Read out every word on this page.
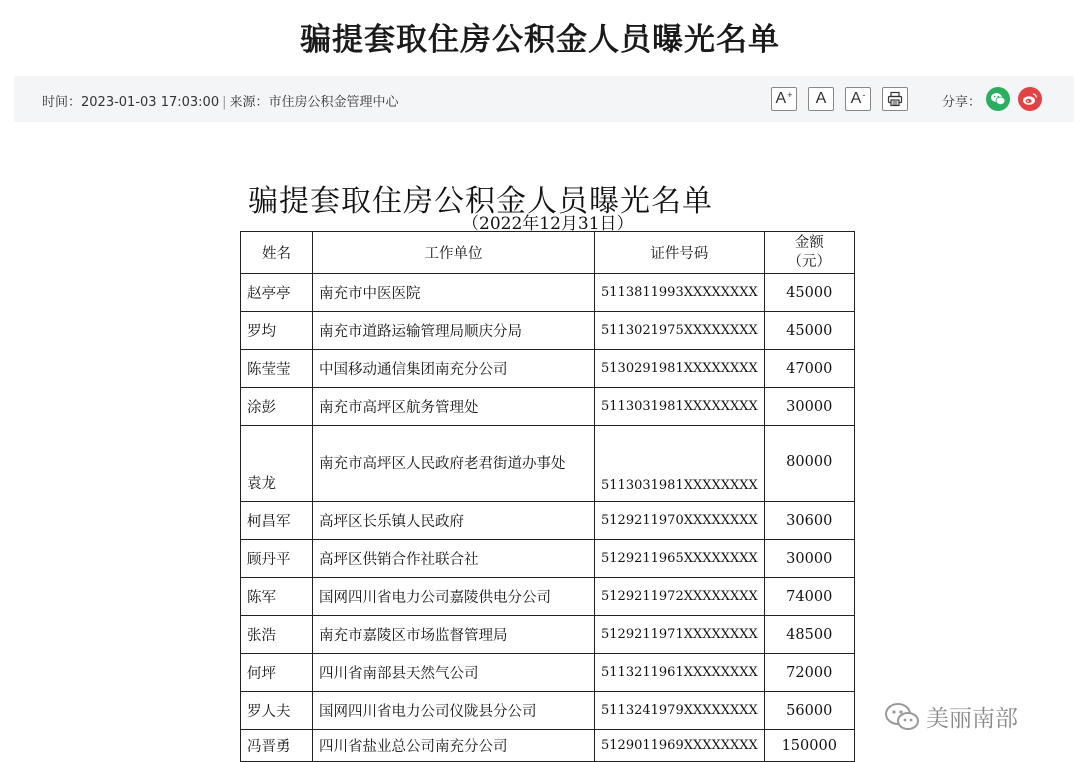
骗提套取住房公积金人员曝光名单
时间：2023-01-03 17:03:00 | 来源：市住房公积金管理中心	A+ A A-	分享：
骗提套取住房公积金人员曝光名单
（2022年12月31日）
姓名	工作单位	证件号码	金额
（元）
赵亭亭	南充市中医医院	5113811993XXXXXXXX	45000
罗均	南充市道路运输管理局顺庆分局	5113021975XXXXXXXX	45000
陈莹莹	中国移动通信集团南充分公司	5130291981XXXXXXXX	47000
涂彭	南充市高坪区航务管理处	5113031981XXXXXXXX	30000
袁龙	南充市高坪区人民政府老君街道办事处	5113031981XXXXXXXX	80000
柯昌军	高坪区长乐镇人民政府	5129211970XXXXXXXX	30600
顾丹平	高坪区供销合作社联合社	5129211965XXXXXXXX	30000
陈军	国网四川省电力公司嘉陵供电分公司	5129211972XXXXXXXX	74000
张浩	南充市嘉陵区市场监督管理局	5129211971XXXXXXXX	48500
何坪	四川省南部县天然气公司	5113211961XXXXXXXX	72000
罗人夫	国网四川省电力公司仪陇县分公司	5113241979XXXXXXXX	56000
冯晋勇	四川省盐业总公司南充分公司	5129011969XXXXXXXX	150000
美丽南部
